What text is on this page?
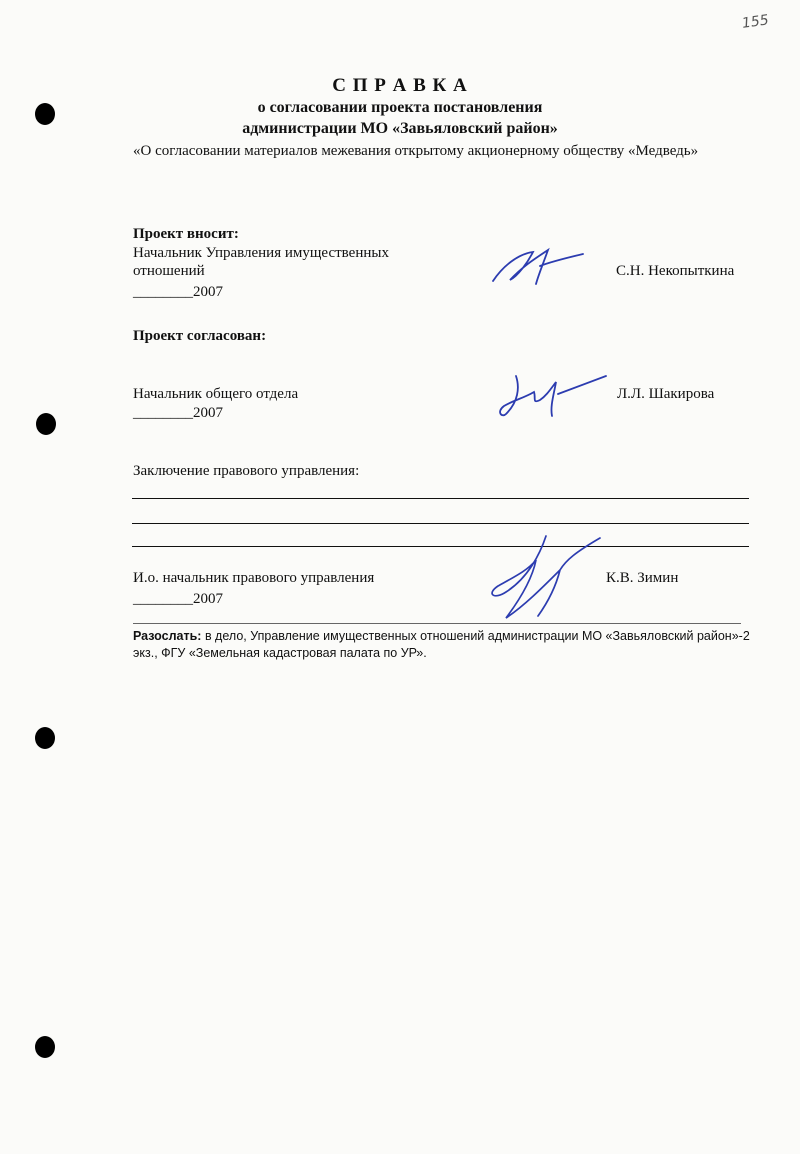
155
С П Р А В К А
о согласовании проекта постановления
администрации МО «Завьяловский район»
«О согласовании материалов межевания открытому акционерному обществу «Медведь»
Проект вносит:
Начальник Управления имущественных
отношений
________2007
С.Н. Некопыткина
Проект согласован:
Начальник общего отдела
________2007
Л.Л. Шакирова
Заключение правового управления:
И.о. начальник правового управления
________2007
К.В. Зимин
Разослать: в дело, Управление имущественных отношений администрации МО «Завьяловский район»-2
экз., ФГУ «Земельная кадастровая палата по УР».
